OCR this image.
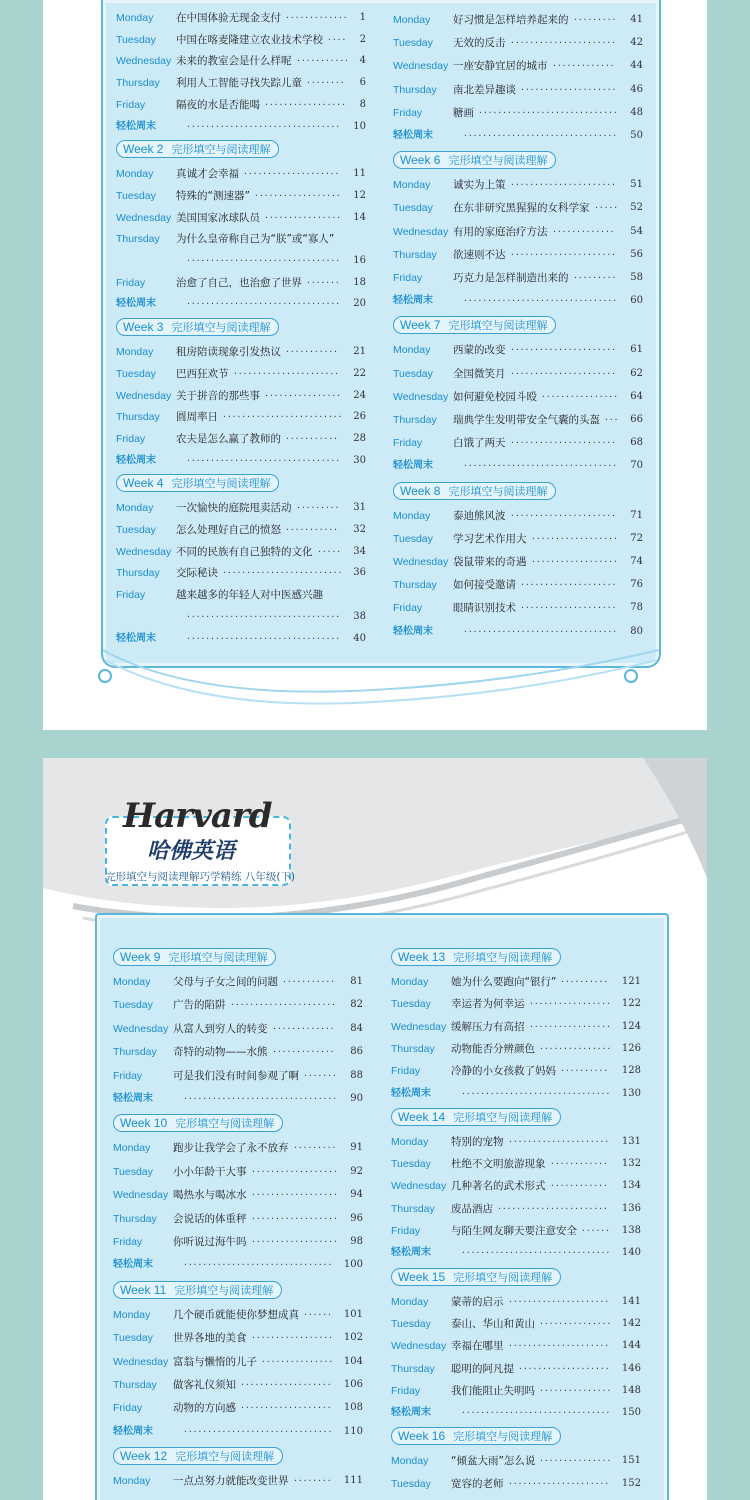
Monday 在中国体验无现金支付 ············· 1
Tuesday 中国在喀麦隆建立农业技术学校 ···· 2
Wednesday 未来的教室会是什么样呢 ··········· 4
Thursday 利用人工智能寻找失踪儿童 ········	6
Friday	隔夜的水是否能喝 ·················	8
轻松周末	································ 10
Week 2 完形填空与阅读理解
Monday 真诚才会幸福 ···················· 11
Tuesday 特殊的“测速器” ·················· 12
Wednesday 美国国家冰球队员 ················ 14
Thursday 为什么皇帝称自己为“朕”或“寡人”
································ 16
Friday	治愈了自己，也治愈了世界 ······· 18
轻松周末	································ 20
Week 3 完形填空与阅读理解
Monday 租房陪读现象引发热议 ···········	21
Tuesday 巴西狂欢节 ······················	22
Wednesday 关于拼音的那些事 ················ 24
Thursday 圆周率日 ························· 26
Friday	农夫是怎么赢了教师的 ···········	28
轻松周末	································ 30
Week 4 完形填空与阅读理解
Monday 一次愉快的庭院甩卖活动 ········· 31
Tuesday 怎么处理好自己的愤怒 ···········	32
Wednesday 不同的民族有自己独特的文化 ····· 34
Thursday 交际秘诀 ························· 36
Friday	越来越多的年轻人对中医感兴趣
································ 38
轻松周末	································ 40
Monday 好习惯是怎样培养起来的 ········· 41
Tuesday 无效的反击 ······················	42
Wednesday 一座安静宜居的城市 ·············	44
Thursday 南北差异趣谈 ···················· 46
Friday	糖画 ····························· 48
轻松周末	································ 50
Week 6 完形填空与阅读理解
Monday 诚实为上策 ······················	51
Tuesday 在东非研究黑猩猩的女科学家 ····· 52
Wednesday 有用的家庭治疗方法 ·············	54
Thursday 欲速则不达 ······················	56
Friday	巧克力是怎样制造出来的 ········· 58
轻松周末	································ 60
Week 7 完形填空与阅读理解
Monday 西蒙的改变 ······················	61
Tuesday 全国微笑月 ······················	62
Wednesday 如何避免校园斗殴 ················ 64
Thursday 瑞典学生发明带安全气囊的头盔 ··· 66
Friday	白饿了两天 ······················	68
轻松周末	································ 70
Week 8 完形填空与阅读理解
Monday 泰迪熊风波 ······················	71
Tuesday 学习艺术作用大 ·················· 72
Wednesday 袋鼠带来的奇遇 ·················· 74
Thursday 如何接受邀请 ···················· 76
Friday	眼睛识别技术 ···················· 78
轻松周末	································ 80
Harvard
哈佛英语
完形填空与阅读理解巧学精练 八年级(下)
Week 9 完形填空与阅读理解
Monday 父母与子女之间的问题 ···········	81
Tuesday 广告的陷阱 ······················	82
Wednesday 从富人到穷人的转变 ·············	84
Thursday 奇特的动物——水熊 ·············	86
Friday	可是我们没有时间参观了啊 ······· 88
轻松周末	································ 90
Week 10 完形填空与阅读理解
Monday 跑步让我学会了永不放弃 ········· 91
Tuesday 小小年龄干大事 ·················· 92
Wednesday 喝热水与喝冰水 ·················· 94
Thursday 会说话的体重秤 ·················· 96
Friday	你听说过海牛吗 ·················· 98
轻松周末	······························· 100
Week 11 完形填空与阅读理解
Monday 几个硬币就能使你梦想成真 ······ 101
Tuesday 世界各地的美食 ················· 102
Wednesday 富翁与懒惰的儿子 ··············· 104
Thursday 做客礼仪须知 ··················· 106
Friday	动物的方向感 ··················· 108
轻松周末	······························· 110
Week 12 完形填空与阅读理解
Monday 一点点努力就能改变世界 ········ 111
Week 13 完形填空与阅读理解
Monday 她为什么要跑向“银行” ·········· 121
Tuesday 幸运者为何幸运 ················· 122
Wednesday 缓解压力有高招 ················· 124
Thursday 动物能否分辨颜色 ··············· 126
Friday	冷静的小女孩救了妈妈 ·········· 128
轻松周末	······························· 130
Week 14 完形填空与阅读理解
Monday 特别的宠物 ····················· 131
Tuesday 杜绝不文明旅游现象 ············	132
Wednesday 几种著名的武术形式 ············	134
Thursday 废品酒店 ·······················	136
Friday	与陌生网友聊天要注意安全 ······ 138
轻松周末	······························· 140
Week 15 完形填空与阅读理解
Monday 蒙蒂的启示 ····················· 141
Tuesday 泰山、华山和黄山 ··············· 142
Wednesday 幸福在哪里 ····················· 144
Thursday 聪明的阿凡提 ··················· 146
Friday	我们能阻止失明吗 ··············· 148
轻松周末	······························· 150
Week 16 完形填空与阅读理解
Monday “倾盆大雨”怎么说 ··············· 151
Tuesday 宽容的老师 ····················· 152
